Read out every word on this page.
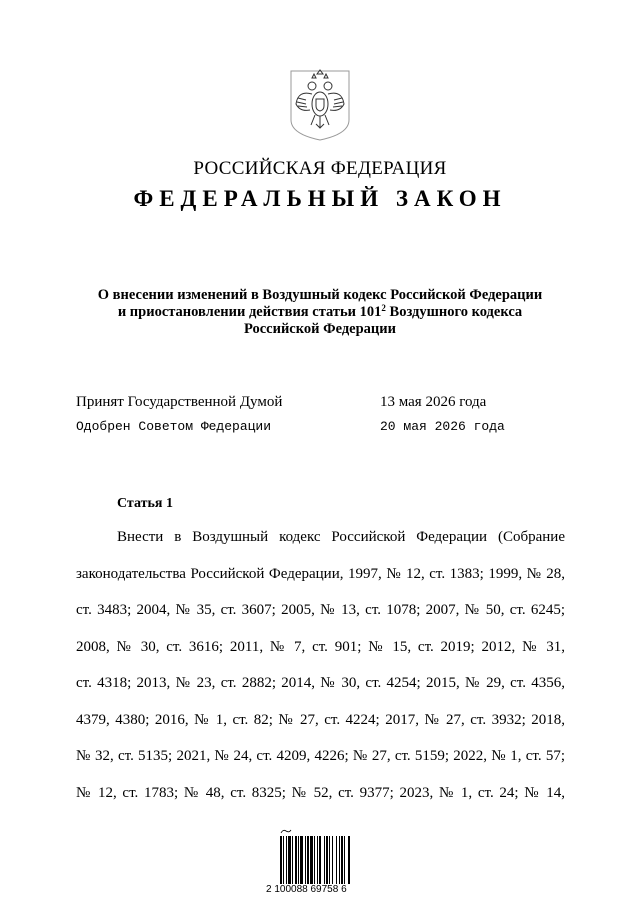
РОССИЙСКАЯ ФЕДЕРАЦИЯ
ФЕДЕРАЛЬНЫЙ ЗАКОН
О внесении изменений в Воздушный кодекс Российской Федерации
и приостановлении действия статьи $101^2$ Воздушного кодекса
Российской Федерации
Принят Государственной Думой	13 мая 2026 года
Одобрен Советом Федерации	20 мая 2026 года
Статья 1
Внести в Воздушный кодекс Российской Федерации (Собрание
законодательства Российской Федерации, 1997, № 12, ст. 1383; 1999, № 28,
ст. 3483; 2004, № 35, ст. 3607; 2005, № 13, ст. 1078; 2007, № 50, ст. 6245;
2008, № 30, ст. 3616; 2011, № 7, ст. 901; № 15, ст. 2019; 2012, № 31,
ст. 4318; 2013, № 23, ст. 2882; 2014, № 30, ст. 4254; 2015, № 29, ст. 4356,
4379, 4380; 2016, № 1, ст. 82; № 27, ст. 4224; 2017, № 27, ст. 3932; 2018,
№ 32, ст. 5135; 2021, № 24, ст. 4209, 4226; № 27, ст. 5159; 2022, № 1, ст. 57;
№ 12, ст. 1783; № 48, ст. 8325; № 52, ст. 9377; 2023, № 1, ст. 24; № 14,
2 100088 69758 6
